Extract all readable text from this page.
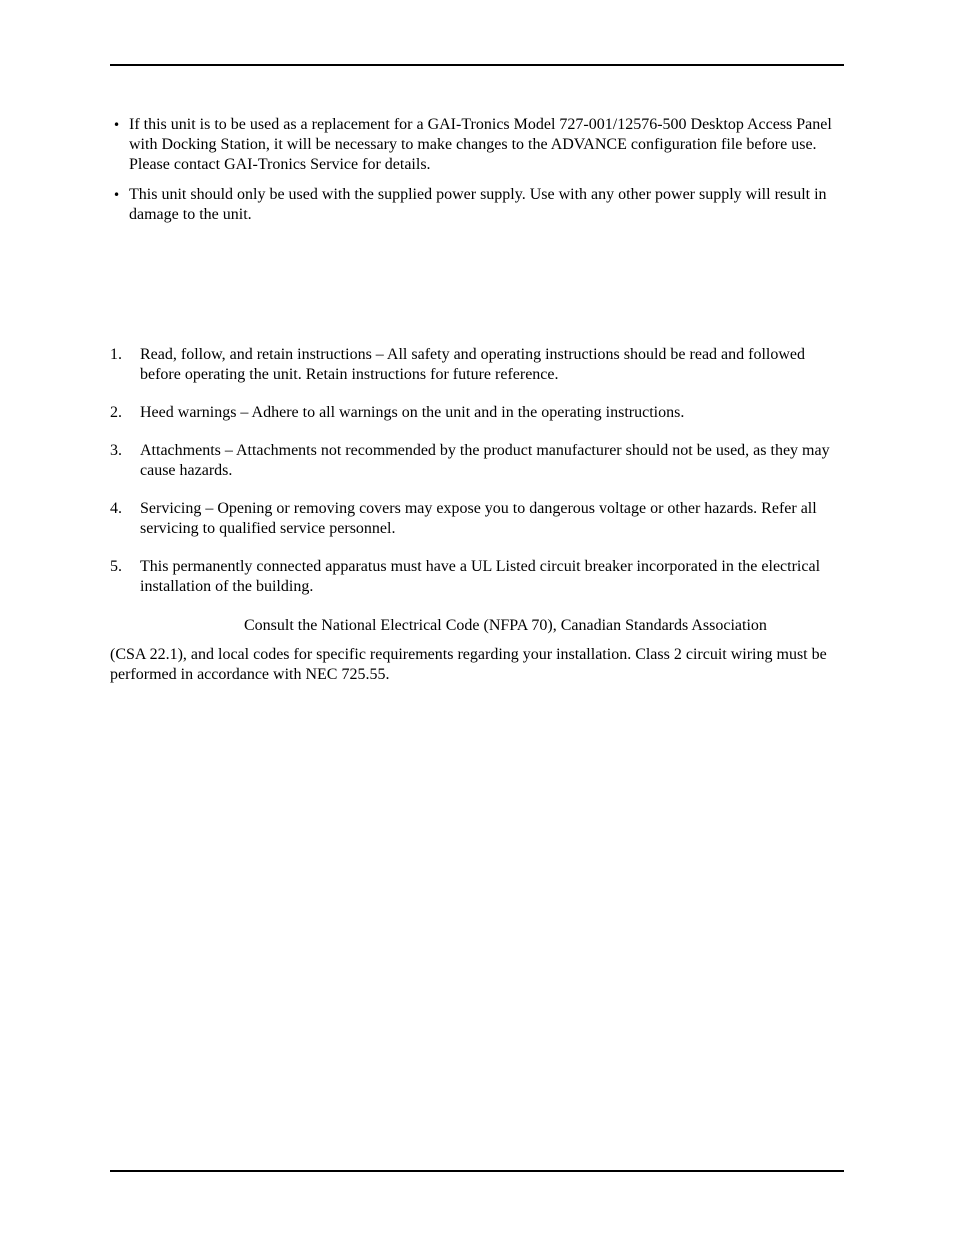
• If this unit is to be used as a replacement for a GAI-Tronics Model 727-001/12576-500 Desktop Access Panel with Docking Station, it will be necessary to make changes to the ADVANCE configuration file before use. Please contact GAI-Tronics Service for details.
• This unit should only be used with the supplied power supply. Use with any other power supply will result in damage to the unit.
1.	Read, follow, and retain instructions – All safety and operating instructions should be read and followed before operating the unit. Retain instructions for future reference.
2.	Heed warnings – Adhere to all warnings on the unit and in the operating instructions.
3.	Attachments – Attachments not recommended by the product manufacturer should not be used, as they may cause hazards.
4.	Servicing – Opening or removing covers may expose you to dangerous voltage or other hazards. Refer all servicing to qualified service personnel.
5.	This permanently connected apparatus must have a UL Listed circuit breaker incorporated in the electrical installation of the building.
Consult the National Electrical Code (NFPA 70), Canadian Standards Association
(CSA 22.1), and local codes for specific requirements regarding your installation. Class 2 circuit wiring must be performed in accordance with NEC 725.55.
